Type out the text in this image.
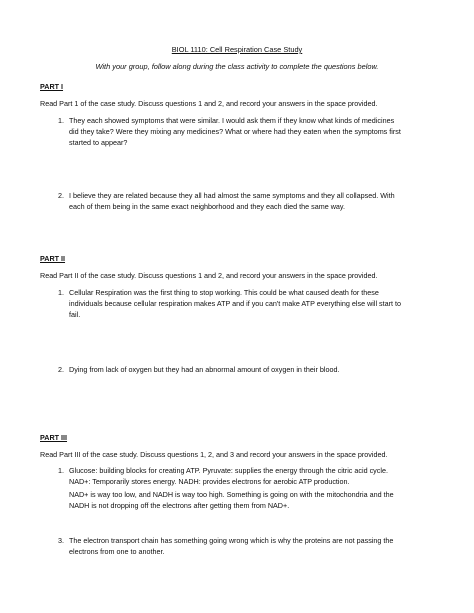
BIOL 1110: Cell Respiration Case Study

With your group, follow along during the class activity to complete the questions below.

PART I

Read Part 1 of the case study. Discuss questions 1 and 2, and record your answers in the space provided.

1. They each showed symptoms that were similar. I would ask them if they know what kinds of medicines
did they take? Were they mixing any medicines? What or where had they eaten when the symptoms first
started to appear?
2. I believe they are related because they all had almost the same symptoms and they all collapsed. With
each of them being in the same exact neighborhood and they each died the same way.

PART II

Read Part II of the case study. Discuss questions 1 and 2, and record your answers in the space provided.

1. Cellular Respiration was the first thing to stop working. This could be what caused death for these
individuals because cellular respiration makes ATP and if you can't make ATP everything else will start to
fail.
2. Dying from lack of oxygen but they had an abnormal amount of oxygen in their blood.

PART III

Read Part III of the case study. Discuss questions 1, 2, and 3 and record your answers in the space provided.

1. Glucose: building blocks for creating ATP. Pyruvate: supplies the energy through the citric acid cycle.
NAD+: Temporarily stores energy. NADH: provides electrons for aerobic ATP production.
NAD+ is way too low, and NADH is way too high. Something is going on with the mitochondria and the
NADH is not dropping off the electrons after getting them from NAD+.
3. The electron transport chain has something going wrong which is why the proteins are not passing the
electrons from one to another.
